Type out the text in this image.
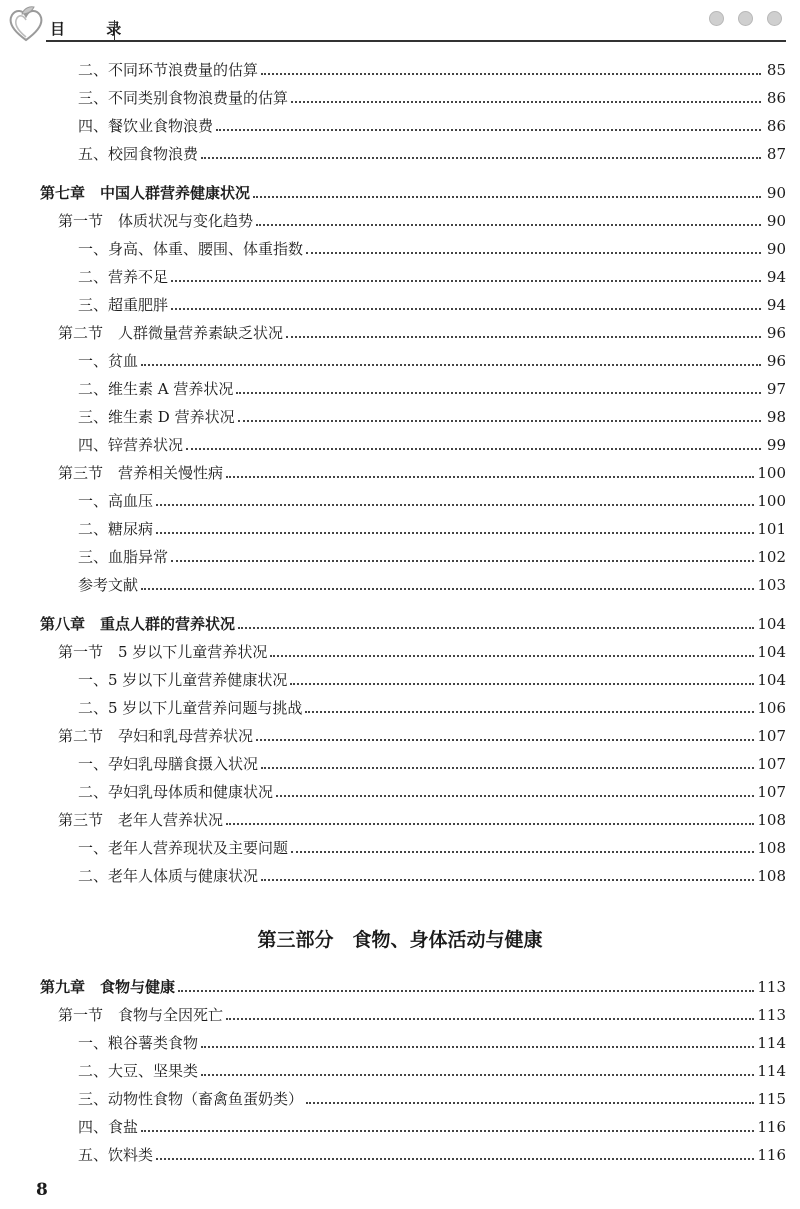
目 录
二、不同环节浪费量的估算	85
三、不同类别食物浪费量的估算	86
四、餐饮业食物浪费	86
五、校园食物浪费	87
第七章　中国人群营养健康状况	90
第一节　体质状况与变化趋势	90
一、身高、体重、腰围、体重指数	90
二、营养不足	94
三、超重肥胖	94
第二节　人群微量营养素缺乏状况	96
一、贫血	96
二、维生素 A 营养状况	97
三、维生素 D 营养状况	98
四、锌营养状况	99
第三节　营养相关慢性病	100
一、高血压	100
二、糖尿病	101
三、血脂异常	102
参考文献	103
第八章　重点人群的营养状况	104
第一节　5 岁以下儿童营养状况	104
一、5 岁以下儿童营养健康状况	104
二、5 岁以下儿童营养问题与挑战	106
第二节　孕妇和乳母营养状况	107
一、孕妇乳母膳食摄入状况	107
二、孕妇乳母体质和健康状况	107
第三节　老年人营养状况	108
一、老年人营养现状及主要问题	108
二、老年人体质与健康状况	108
第九章　食物与健康	113
第一节　食物与全因死亡	113
一、粮谷薯类食物	114
二、大豆、坚果类	114
三、动物性食物（畜禽鱼蛋奶类）	115
四、食盐	116
五、饮料类	116
第三部分　食物、身体活动与健康
8
